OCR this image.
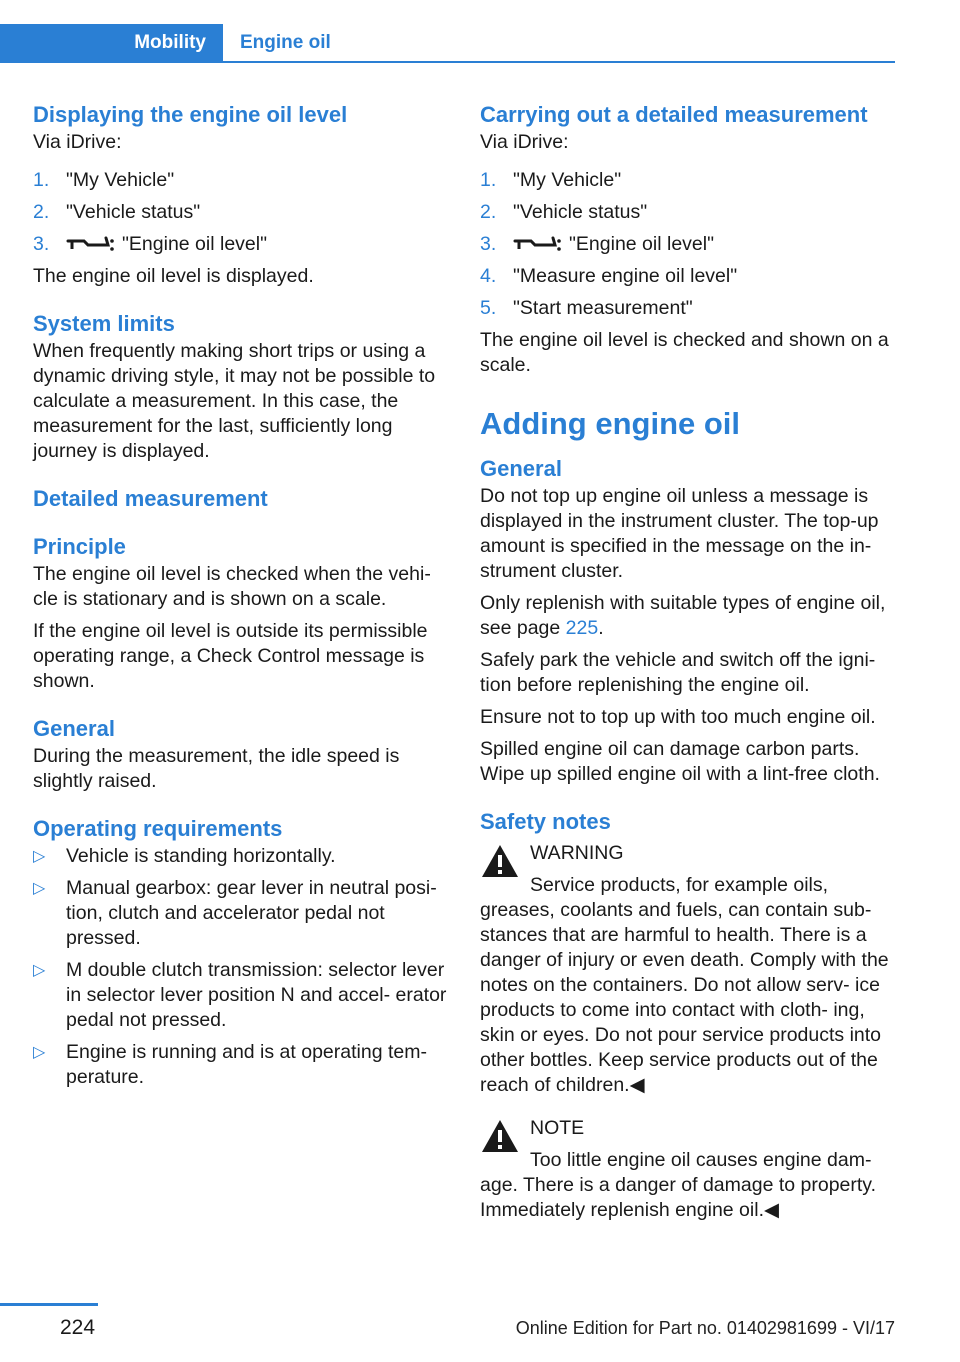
Mobility	Engine oil
Displaying the engine oil level

Via iDrive:

1. "My Vehicle"
2. "Vehicle status"
3.	"Engine oil level"

The engine oil level is displayed.

System limits

When frequently making short trips or using a dynamic driving style, it may not be possible to calculate a measurement. In this case, the measurement for the last, sufficiently long journey is displayed.

Detailed measurement
Principle

The engine oil level is checked when the vehi‐ cle is stationary and is shown on a scale.

If the engine oil level is outside its permissible operating range, a Check Control message is shown.

General

During the measurement, the idle speed is slightly raised.

Operating requirements
▷ Vehicle is standing horizontally.
▷ Manual gearbox: gear lever in neutral posi‐ tion, clutch and accelerator pedal not pressed.
▷ M double clutch transmission: selector lever in selector lever position N and accel‐ erator pedal not pressed.
▷ Engine is running and is at operating tem‐ perature.
Carrying out a detailed measurement

Via iDrive:

1. "My Vehicle"
2. "Vehicle status"
3.	"Engine oil level"
4. "Measure engine oil level"
5. "Start measurement"

The engine oil level is checked and shown on a scale.

Adding engine oil
General

Do not top up engine oil unless a message is displayed in the instrument cluster. The top-up amount is specified in the message on the in‐ strument cluster.

Only replenish with suitable types of engine oil, see page 225.

Safely park the vehicle and switch off the igni‐ tion before replenishing the engine oil.

Ensure not to top up with too much engine oil.

Spilled engine oil can damage carbon parts. Wipe up spilled engine oil with a lint-free cloth.

Safety notes
WARNING
Service products, for example oils, greases, coolants and fuels, can contain sub‐ stances that are harmful to health. There is a danger of injury or even death. Comply with the notes on the containers. Do not allow serv‐ ice products to come into contact with cloth‐ ing, skin or eyes. Do not pour service products into other bottles. Keep service products out of the reach of children.◀
NOTE
Too little engine oil causes engine dam‐ age. There is a danger of damage to property. Immediately replenish engine oil.◀
224	Online Edition for Part no. 01402981699 - VI/17
